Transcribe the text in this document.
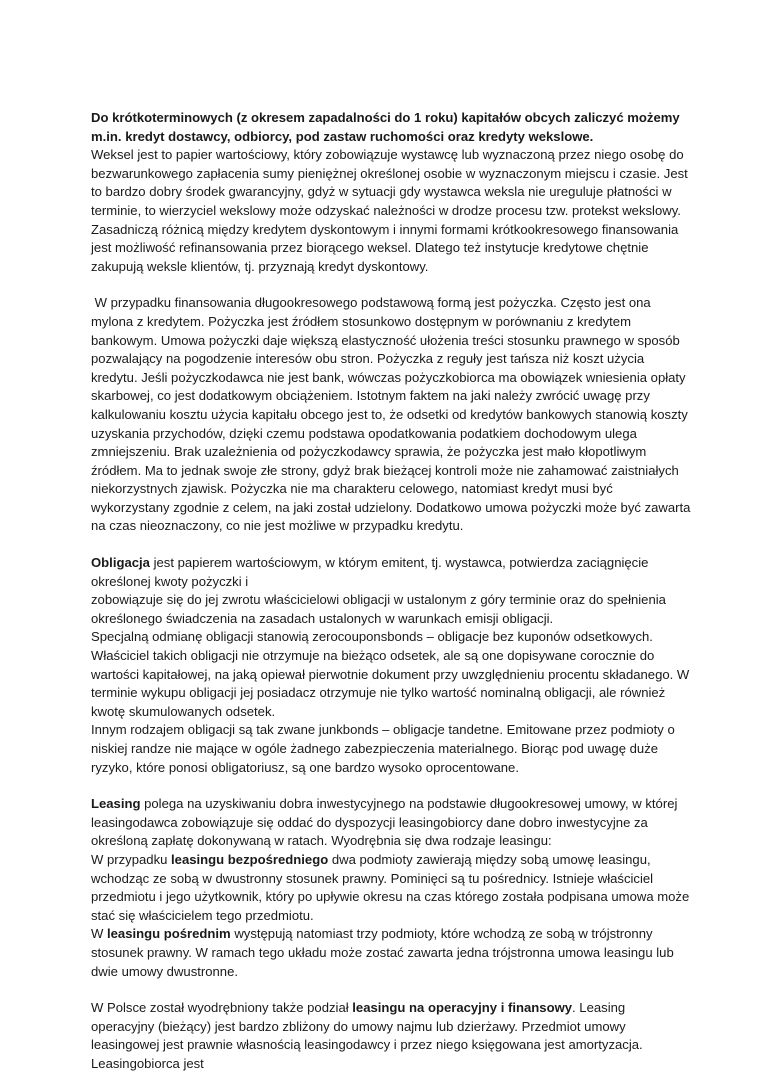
Do krótkoterminowych (z okresem zapadalności do 1 roku) kapitałów obcych zaliczyć możemy m.in. kredyt dostawcy, odbiorcy, pod zastaw ruchomości oraz kredyty wekslowe.

Weksel jest to papier wartościowy, który zobowiązuje wystawcę lub wyznaczoną przez niego osobę do bezwarunkowego zapłacenia sumy pieniężnej określonej osobie w wyznaczonym miejscu i czasie. Jest to bardzo dobry środek gwarancyjny, gdyż w sytuacji gdy wystawca weksla nie ureguluje płatności w terminie, to wierzyciel wekslowy może odzyskać należności w drodze procesu tzw. protekst wekslowy. Zasadniczą różnicą między kredytem dyskontowym i innymi formami krótkookresowego finansowania jest możliwość refinansowania przez biorącego weksel. Dlatego też instytucje kredytowe chętnie zakupują weksle klientów, tj. przyznają kredyt dyskontowy.

W przypadku finansowania długookresowego podstawową formą jest pożyczka. Często jest ona mylona z kredytem. Pożyczka jest źródłem stosunkowo dostępnym w porównaniu z kredytem bankowym. Umowa pożyczki daje większą elastyczność ułożenia treści stosunku prawnego w sposób pozwalający na pogodzenie interesów obu stron. Pożyczka z reguły jest tańsza niż koszt użycia kredytu. Jeśli pożyczkodawca nie jest bank, wówczas pożyczkobiorca ma obowiązek wniesienia opłaty skarbowej, co jest dodatkowym obciążeniem. Istotnym faktem na jaki należy zwrócić uwagę przy kalkulowaniu kosztu użycia kapitału obcego jest to, że odsetki od kredytów bankowych stanowią koszty uzyskania przychodów, dzięki czemu podstawa opodatkowania podatkiem dochodowym ulega zmniejszeniu. Brak uzależnienia od pożyczkodawcy sprawia, że pożyczka jest mało kłopotliwym źródłem. Ma to jednak swoje złe strony, gdyż brak bieżącej kontroli może nie zahamować zaistniałych niekorzystnych zjawisk. Pożyczka nie ma charakteru celowego, natomiast kredyt musi być wykorzystany zgodnie z celem, na jaki został udzielony. Dodatkowo umowa pożyczki może być zawarta na czas nieoznaczony, co nie jest możliwe w przypadku kredytu.

Obligacja jest papierem wartościowym, w którym emitent, tj. wystawca, potwierdza zaciągnięcie określonej kwoty pożyczki i

zobowiązuje się do jej zwrotu właścicielowi obligacji w ustalonym z góry terminie oraz do spełnienia określonego świadczenia na zasadach ustalonych w warunkach emisji obligacji.

Specjalną odmianę obligacji stanowią zerocouponsbonds – obligacje bez kuponów odsetkowych. Właściciel takich obligacji nie otrzymuje na bieżąco odsetek, ale są one dopisywane corocznie do wartości kapitałowej, na jaką opiewał pierwotnie dokument przy uwzględnieniu procentu składanego. W terminie wykupu obligacji jej posiadacz otrzymuje nie tylko wartość nominalną obligacji, ale również kwotę skumulowanych odsetek.

Innym rodzajem obligacji są tak zwane junkbonds – obligacje tandetne. Emitowane przez podmioty o niskiej randze nie mające w ogóle żadnego zabezpieczenia materialnego. Biorąc pod uwagę duże ryzyko, które ponosi obligatoriusz, są one bardzo wysoko oprocentowane.

Leasing polega na uzyskiwaniu dobra inwestycyjnego na podstawie długookresowej umowy, w której leasingodawca zobowiązuje się oddać do dyspozycji leasingobiorcy dane dobro inwestycyjne za określoną zapłatę dokonywaną w ratach. Wyodrębnia się dwa rodzaje leasingu:

W przypadku leasingu bezpośredniego dwa podmioty zawierają między sobą umowę leasingu, wchodząc ze sobą w dwustronny stosunek prawny. Pominięci są tu pośrednicy. Istnieje właściciel przedmiotu i jego użytkownik, który po upływie okresu na czas którego została podpisana umowa może stać się właścicielem tego przedmiotu.

W leasingu pośrednim występują natomiast trzy podmioty, które wchodzą ze sobą w trójstronny stosunek prawny. W ramach tego układu może zostać zawarta jedna trójstronna umowa leasingu lub dwie umowy dwustronne.

W Polsce został wyodrębniony także podział leasingu na operacyjny i finansowy. Leasing operacyjny (bieżący) jest bardzo zbliżony do umowy najmu lub dzierżawy. Przedmiot umowy leasingowej jest prawnie własnością leasingodawcy i przez niego księgowana jest amortyzacja. Leasingobiorca jest
